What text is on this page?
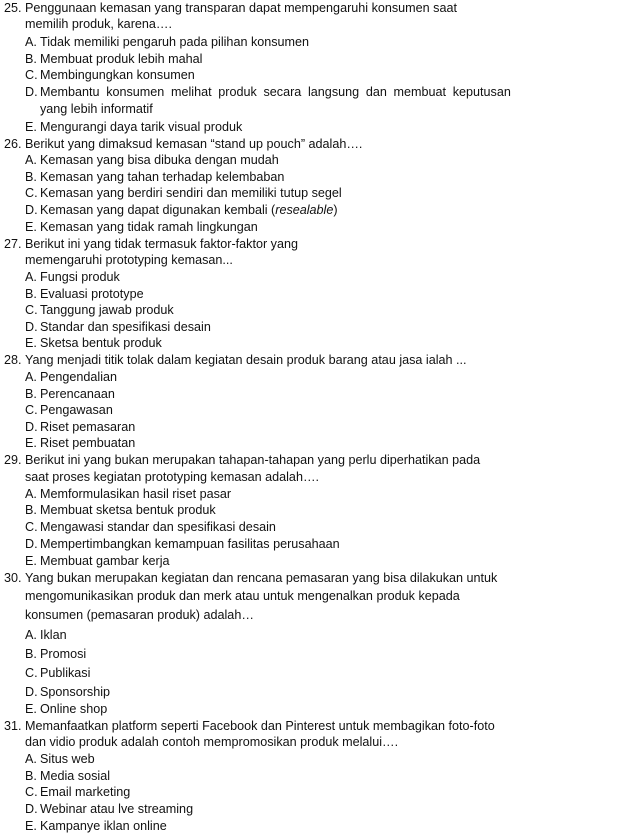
25. Penggunaan kemasan yang transparan dapat mempengaruhi konsumen saat
memilih produk, karena….
A. Tidak memiliki pengaruh pada pilihan konsumen
B. Membuat produk lebih mahal
C. Membingungkan konsumen
D. Membantu konsumen melihat produk secara langsung dan membuat keputusan
yang lebih informatif
E. Mengurangi daya tarik visual produk
26. Berikut yang dimaksud kemasan “stand up pouch” adalah….
A. Kemasan yang bisa dibuka dengan mudah
B. Kemasan yang tahan terhadap kelembaban
C. Kemasan yang berdiri sendiri dan memiliki tutup segel
D. Kemasan yang dapat digunakan kembali (resealable)
E. Kemasan yang tidak ramah lingkungan
27. Berikut ini yang tidak termasuk faktor-faktor yang
memengaruhi prototyping kemasan...
A. Fungsi produk
B. Evaluasi prototype
C. Tanggung jawab produk
D. Standar dan spesifikasi desain
E. Sketsa bentuk produk
28. Yang menjadi titik tolak dalam kegiatan desain produk barang atau jasa ialah ...
A. Pengendalian
B. Perencanaan
C. Pengawasan
D. Riset pemasaran
E. Riset pembuatan
29. Berikut ini yang bukan merupakan tahapan-tahapan yang perlu diperhatikan pada
saat proses kegiatan prototyping kemasan adalah….
A. Memformulasikan hasil riset pasar
B. Membuat sketsa bentuk produk
C. Mengawasi standar dan spesifikasi desain
D. Mempertimbangkan kemampuan fasilitas perusahaan
E. Membuat gambar kerja
30. Yang bukan merupakan kegiatan dan rencana pemasaran yang bisa dilakukan untuk
mengomunikasikan produk dan merk atau untuk mengenalkan produk kepada
konsumen (pemasaran produk) adalah…
A. Iklan
B. Promosi
C. Publikasi
D. Sponsorship
E. Online shop
31. Memanfaatkan platform seperti Facebook dan Pinterest untuk membagikan foto-foto
dan vidio produk adalah contoh mempromosikan produk melalui….
A. Situs web
B. Media sosial
C. Email marketing
D. Webinar atau lve streaming
E. Kampanye iklan online
